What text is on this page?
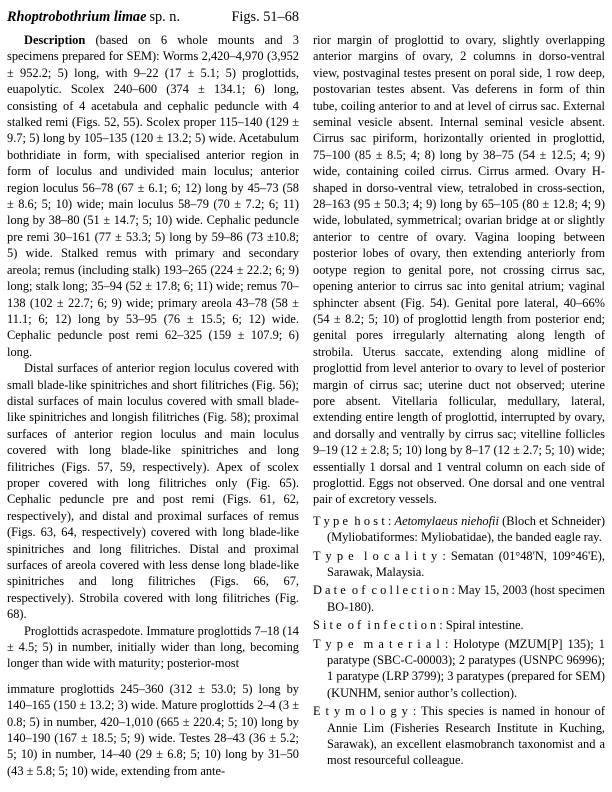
Rhoptrobothrium limae sp. n.	Figs. 51–68

Description (based on 6 whole mounts and 3 specimens prepared for SEM): Worms 2,420–4,970 (3,952 ± 952.2; 5) long, with 9–22 (17 ± 5.1; 5) proglottids, euapolytic. Scolex 240–600 (374 ± 134.1; 6) long, consisting of 4 acetabula and cephalic peduncle with 4 stalked remi (Figs. 52, 55). Scolex proper 115–140 (129 ± 9.7; 5) long by 105–135 (120 ± 13.2; 5) wide. Acetabulum bothridiate in form, with specialised anterior region in form of loculus and undivided main loculus; anterior region loculus 56–78 (67 ± 6.1; 6; 12) long by 45–73 (58 ± 8.6; 5; 10) wide; main loculus 58–79 (70 ± 7.2; 6; 11) long by 38–80 (51 ± 14.7; 5; 10) wide. Cephalic peduncle pre remi 30–161 (77 ± 53.3; 5) long by 59–86 (73 ±10.8; 5) wide. Stalked remus with primary and secondary areola; remus (including stalk) 193–265 (224 ± 22.2; 6; 9) long; stalk long; 35–94 (52 ± 17.8; 6; 11) wide; remus 70–138 (102 ± 22.7; 6; 9) wide; primary areola 43–78 (58 ± 11.1; 6; 12) long by 53–95 (76 ± 15.5; 6; 12) wide. Cephalic peduncle post remi 62–325 (159 ± 107.9; 6) long.

Distal surfaces of anterior region loculus covered with small blade-like spinitriches and short filitriches (Fig. 56); distal surfaces of main loculus covered with small blade-like spinitriches and longish filitriches (Fig. 58); proximal surfaces of anterior region loculus and main loculus covered with long blade-like spinitriches and long filitriches (Figs. 57, 59, respectively). Apex of scolex proper covered with long filitriches only (Fig. 65). Cephalic peduncle pre and post remi (Figs. 61, 62, respectively), and distal and proximal surfaces of remus (Figs. 63, 64, respectively) covered with long blade-like spinitriches and long filitriches. Distal and proximal surfaces of areola covered with less dense long blade-like spinitriches and long filitriches (Figs. 66, 67, respectively). Strobila covered with long filitriches (Fig. 68).

Proglottids acraspedote. Immature proglottids 7–18 (14 ± 4.5; 5) in number, initially wider than long, becoming longer than wide with maturity; posterior-most

immature proglottids 245–360 (312 ± 53.0; 5) long by 140–165 (150 ± 13.2; 3) wide. Mature proglottids 2–4 (3 ± 0.8; 5) in number, 420–1,010 (665 ± 220.4; 5; 10) long by 140–190 (167 ± 18.5; 5; 9) wide. Testes 28–43 (36 ± 5.2; 5; 10) in number, 14–40 (29 ± 6.8; 5; 10) long by 31–50 (43 ± 5.8; 5; 10) wide, extending from ante-

rior margin of proglottid to ovary, slightly overlapping anterior margins of ovary, 2 columns in dorso-ventral view, postvaginal testes present on poral side, 1 row deep, postovarian testes absent. Vas deferens in form of thin tube, coiling anterior to and at level of cirrus sac. External seminal vesicle absent. Internal seminal vesicle absent. Cirrus sac piriform, horizontally oriented in proglottid, 75–100 (85 ± 8.5; 4; 8) long by 38–75 (54 ± 12.5; 4; 9) wide, containing coiled cirrus. Cirrus armed. Ovary H-shaped in dorso-ventral view, tetralobed in cross-section, 28–163 (95 ± 50.3; 4; 9) long by 65–105 (80 ± 12.8; 4; 9) wide, lobulated, symmetrical; ovarian bridge at or slightly anterior to centre of ovary. Vagina looping between posterior lobes of ovary, then extending anteriorly from ootype region to genital pore, not crossing cirrus sac, opening anterior to cirrus sac into genital atrium; vaginal sphincter absent (Fig. 54). Genital pore lateral, 40–66% (54 ± 8.2; 5; 10) of proglottid length from posterior end; genital pores irregularly alternating along length of strobila. Uterus saccate, extending along midline of proglottid from level anterior to ovary to level of posterior margin of cirrus sac; uterine duct not observed; uterine pore absent. Vitellaria follicular, medullary, lateral, extending entire length of proglottid, interrupted by ovary, and dorsally and ventrally by cirrus sac; vitelline follicles 9–19 (12 ± 2.8; 5; 10) long by 8–17 (12 ± 2.7; 5; 10) wide; essentially 1 dorsal and 1 ventral column on each side of proglottid. Eggs not observed. One dorsal and one ventral pair of excretory vessels.

T y p e  h o s t : Aetomylaeus niehofii (Bloch et Schneider) (Myliobatiformes: Myliobatidae), the banded eagle ray.
T y p e  l o c a l i t y : Sematan (01°48'N, 109°46'E), Sarawak, Malaysia.
D a t e  o f  c o l l e c t i o n : May 15, 2003 (host specimen BO-180).
S i t e  o f  i n f e c t i o n : Spiral intestine.
T y p e  m a t e r i a l : Holotype (MZUM[P] 135); 1 paratype (SBC-C-00003); 2 paratypes (USNPC 96996); 1 paratype (LRP 3799); 3 paratypes (prepared for SEM) (KUNHM, senior author’s collection).
E t y m o l o g y : This species is named in honour of Annie Lim (Fisheries Research Institute in Kuching, Sarawak), an excellent elasmobranch taxonomist and a most resourceful colleague.
